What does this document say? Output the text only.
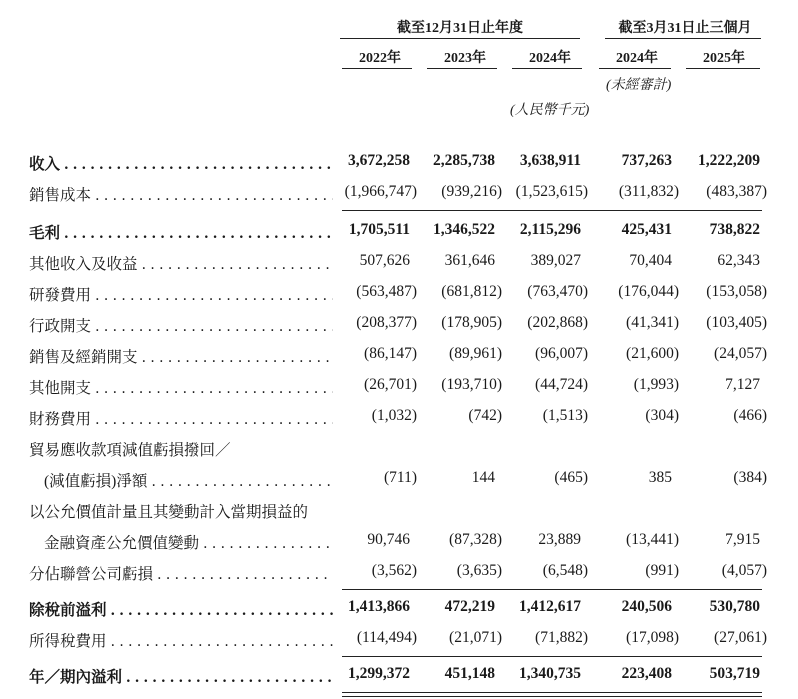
截至12月31日止年度	截至3月31日止三個月
2022年	2023年	2024年	2024年	2025年
(未經審計)
(人民幣千元)
收入 . . .	3,672,258 2,285,738 3,638,911	737,263 1,222,209
銷售成本 . . .	(1,966,747) (939,216) (1,523,615) (311,832) (483,387)
毛利 . . .	1,705,511 1,346,522 2,115,296	425,431 738,822
其他收入及收益 . . .	507,626 361,646 389,027	70,404	62,343
研發費用 . . .	(563,487) (681,812) (763,470) (176,044) (153,058)
行政開支 . . .	(208,377) (178,905) (202,868) (41,341) (103,405)
銷售及經銷開支 . . .	(86,147) (89,961) (96,007) (21,600) (24,057)
其他開支 . . .	(26,701) (193,710) (44,724)	(1,993)	7,127
財務費用 . . .	(1,032)	(742)	(1,513)	(304)	(466)
貿易應收款項減值虧損撥回／
(減值虧損)淨額 . . .	(711)	144	(465)	385	(384)
以公允價值計量且其變動計入當期損益的
金融資產公允價值變動 . . .	90,746	(87,328) 23,889	(13,441)	7,915
分佔聯營公司虧損 . . .	(3,562)	(3,635)	(6,548)	(991)	(4,057)
除稅前溢利 . . .	1,413,866 472,219 1,412,617	240,506 530,780
所得稅費用 . . .	(114,494) (21,071) (71,882) (17,098) (27,061)
年／期內溢利 . . .	1,299,372 451,148 1,340,735	223,408 503,719
